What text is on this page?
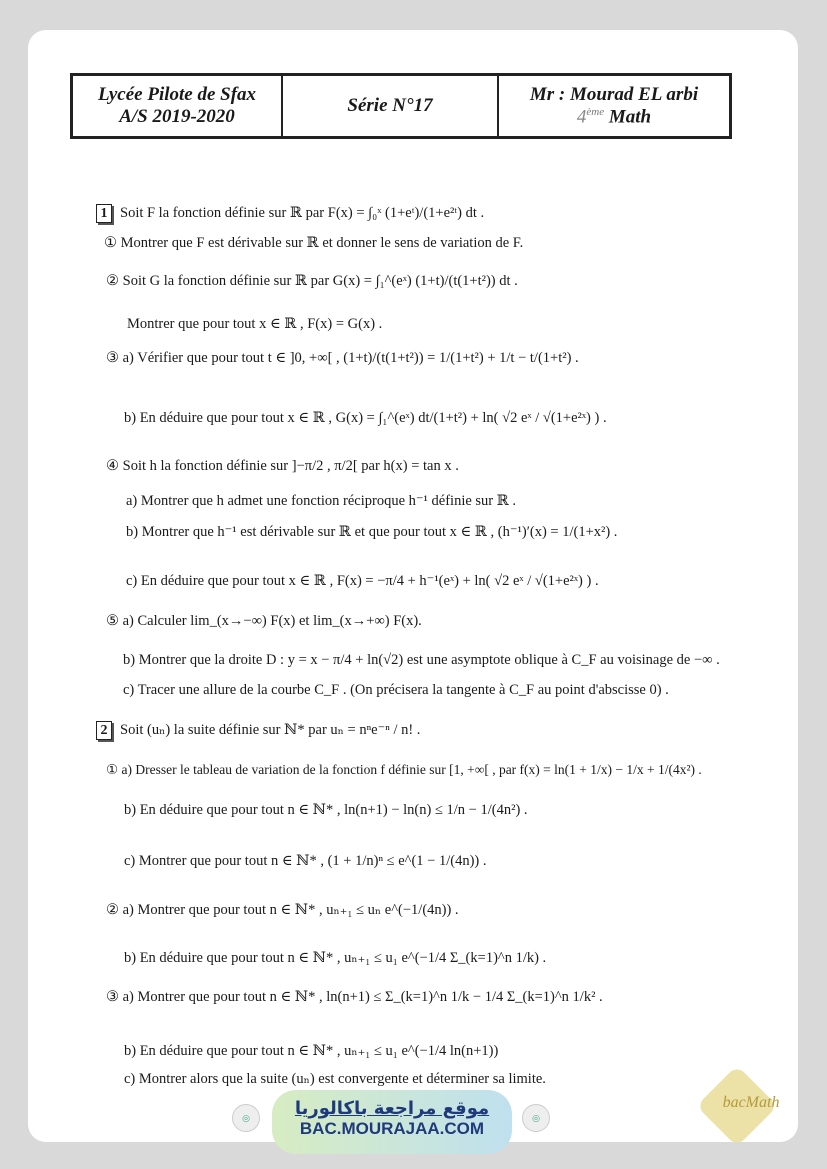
Lycée Pilote de Sfax
A/S 2019-2020
Série N°17
Mr : Mourad EL arbi
4ème Math
1 Soit F la fonction définie sur ℝ par F(x) = ∫₀ˣ (1+eᵗ)/(1+e²ᵗ) dt .
① Montrer que F est dérivable sur ℝ et donner le sens de variation de F.
② Soit G la fonction définie sur ℝ par G(x) = ∫₁^(eˣ) (1+t)/(t(1+t²)) dt .
Montrer que pour tout x ∈ ℝ , F(x) = G(x) .
③ a) Vérifier que pour tout t ∈ ]0, +∞[ , (1+t)/(t(1+t²)) = 1/(1+t²) + 1/t − t/(1+t²) .
b) En déduire que pour tout x ∈ ℝ , G(x) = ∫₁^(eˣ) dt/(1+t²) + ln( √2 eˣ / √(1+e²ˣ) ) .
④ Soit h la fonction définie sur ]−π/2 , π/2[ par h(x) = tan x .
a) Montrer que h admet une fonction réciproque h⁻¹ définie sur ℝ .
b) Montrer que h⁻¹ est dérivable sur ℝ et que pour tout x ∈ ℝ , (h⁻¹)′(x) = 1/(1+x²) .
c) En déduire que pour tout x ∈ ℝ , F(x) = −π/4 + h⁻¹(eˣ) + ln( √2 eˣ / √(1+e²ˣ) ) .
⑤ a) Calculer lim_(x→−∞) F(x) et lim_(x→+∞) F(x).
b) Montrer que la droite D : y = x − π/4 + ln(√2) est une asymptote oblique à C_F au voisinage de −∞ .
c) Tracer une allure de la courbe C_F . (On précisera la tangente à C_F au point d'abscisse 0) .
2 Soit (uₙ) la suite définie sur ℕ* par uₙ = nⁿe⁻ⁿ / n! .
① a) Dresser le tableau de variation de la fonction f définie sur [1, +∞[ , par f(x) = ln(1 + 1/x) − 1/x + 1/(4x²) .
b) En déduire que pour tout n ∈ ℕ* , ln(n+1) − ln(n) ≤ 1/n − 1/(4n²) .
c) Montrer que pour tout n ∈ ℕ* , (1 + 1/n)ⁿ ≤ e^(1 − 1/(4n)) .
② a) Montrer que pour tout n ∈ ℕ* , uₙ₊₁ ≤ uₙ e^(−1/(4n)) .
b) En déduire que pour tout n ∈ ℕ* , uₙ₊₁ ≤ u₁ e^(−1/4 Σ_(k=1)^n 1/k) .
③ a) Montrer que pour tout n ∈ ℕ* , ln(n+1) ≤ Σ_(k=1)^n 1/k − 1/4 Σ_(k=1)^n 1/k² .
b) En déduire que pour tout n ∈ ℕ* , uₙ₊₁ ≤ u₁ e^(−1/4 ln(n+1))
c) Montrer alors que la suite (uₙ) est convergente et déterminer sa limite.
◎	◎
موقع مراجعة باكالوريا
BAC.MOURAJAA.COM
bacMath
